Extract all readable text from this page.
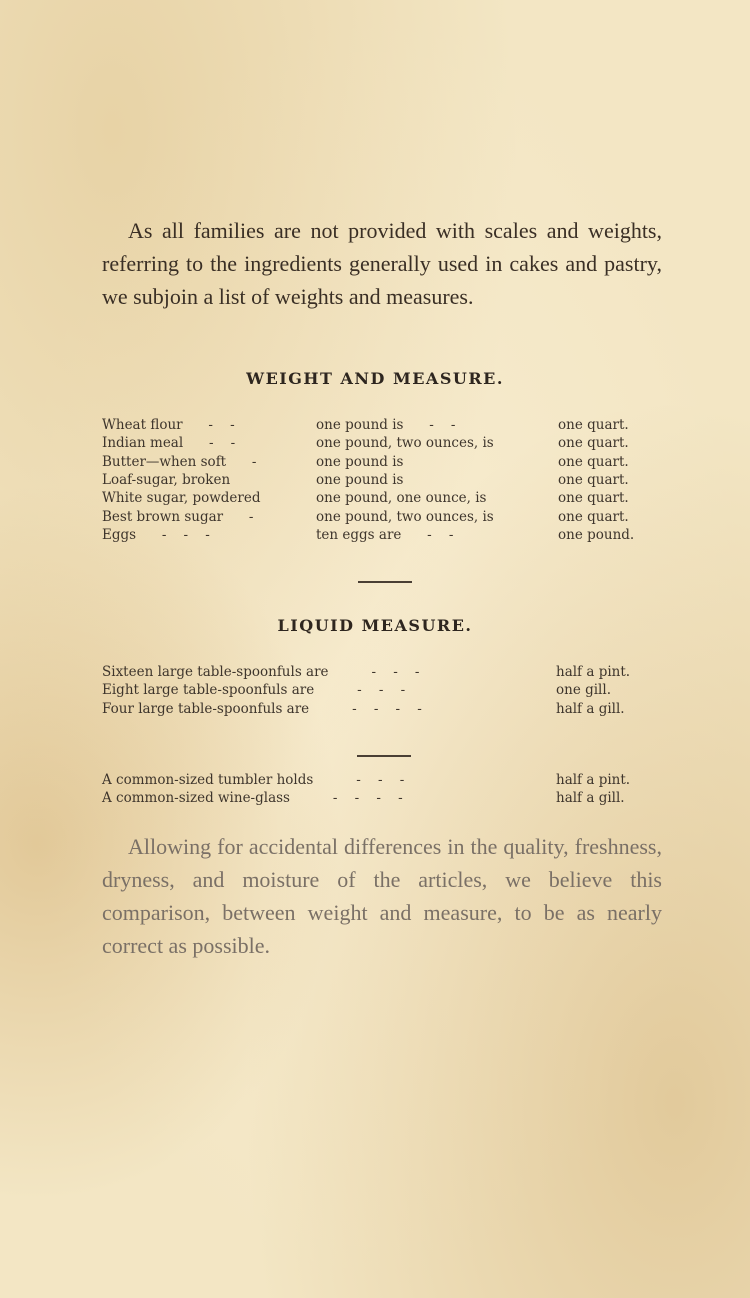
As all families are not provided with scales and weights, referring to the ingredients generally used in cakes and pastry, we subjoin a list of weights and measures.

WEIGHT AND MEASURE.
Wheat flour -    -	one pound is -    -	one quart.
Indian meal -    -	one pound, two ounces, is	one quart.
Butter—when soft -	one pound is	one quart.
Loaf-sugar, broken	one pound is	one quart.
White sugar, powdered	one pound, one ounce, is	one quart.
Best brown sugar -	one pound, two ounces, is	one quart.
Eggs -    -    -	ten eggs are -    -	one pound.
LIQUID MEASURE.
Sixteen large table-spoonfuls are -    -    -	half a pint.
Eight large table-spoonfuls are -    -    -	one gill.
Four large table-spoonfuls are -    -    -    -	half a gill.
A common-sized tumbler holds -    -    -	half a pint.
A common-sized wine-glass -    -    -    -	half a gill.

Allowing for accidental differences in the quality, freshness, dryness, and moisture of the articles, we believe this comparison, between weight and measure, to be as nearly correct as possible.
